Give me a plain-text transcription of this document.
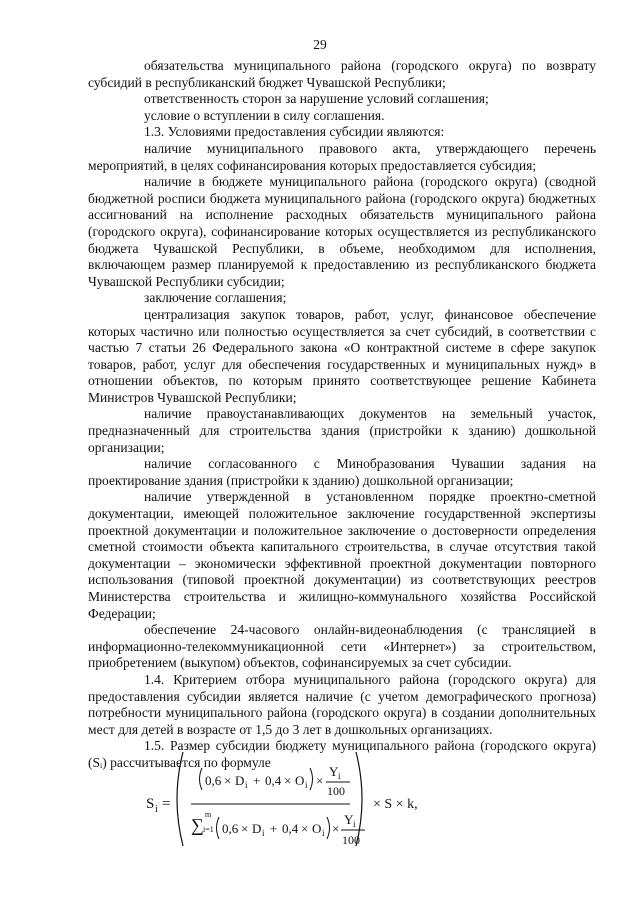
29

обязательства муниципального района (городского округа) по возврату субсидий в республиканский бюджет Чувашской Республики;

ответственность сторон за нарушение условий соглашения;

условие о вступлении в силу соглашения.

1.3. Условиями предоставления субсидии являются:

наличие муниципального правового акта, утверждающего перечень мероприятий, в целях софинансирования которых предоставляется субсидия;

наличие в бюджете муниципального района (городского округа) (сводной бюджетной росписи бюджета муниципального района (городского округа) бюджетных ассигнований на исполнение расходных обязательств муниципального района (городского округа), софинансирование которых осуществляется из республиканского бюджета Чувашской Республики, в объеме, необходимом для исполнения, включающем размер планируемой к предоставлению из республиканского бюджета Чувашской Республики субсидии;

заключение соглашения;

централизация закупок товаров, работ, услуг, финансовое обеспечение которых частично или полностью осуществляется за счет субсидий, в соответствии с частью 7 статьи 26 Федерального закона «О контрактной системе в сфере закупок товаров, работ, услуг для обеспечения государственных и муниципальных нужд» в отношении объектов, по которым принято соответствующее решение Кабинета Министров Чувашской Республики;

наличие правоустанавливающих документов на земельный участок, предназначенный для строительства здания (пристройки к зданию) дошкольной организации;

наличие согласованного с Минобразования Чувашии задания на проектирование здания (пристройки к зданию) дошкольной организации;

наличие утвержденной в установленном порядке проектно-сметной документации, имеющей положительное заключение государственной экспертизы проектной документации и положительное заключение о достоверности определения сметной стоимости объекта капитального строительства, в случае отсутствия такой документации – экономически эффективной проектной документации повторного использования (типовой проектной документации) из соответствующих реестров Министерства строительства и жилищно-коммунального хозяйства Российской Федерации;

обеспечение 24-часового онлайн-видеонаблюдения (с трансляцией в информационно-телекоммуникационной сети «Интернет») за строительством, приобретением (выкупом) объектов, софинансируемых за счет субсидии.

1.4. Критерием отбора муниципального района (городского округа) для предоставления субсидии является наличие (с учетом демографического прогноза) потребности муниципального района (городского округа) в создании дополнительных мест для детей в возрасте от 1,5 до 3 лет в дошкольных организациях.

1.5. Размер субсидии бюджету муниципального района (городского округа) (Sᵢ) рассчитывается по формуле

S i =
0,6 × D i + 0,4 × O i ×
Y i
100
∑
m
i=1 0,6 × D i + 0,4 × O i ×
Y i
100
× S × k,
